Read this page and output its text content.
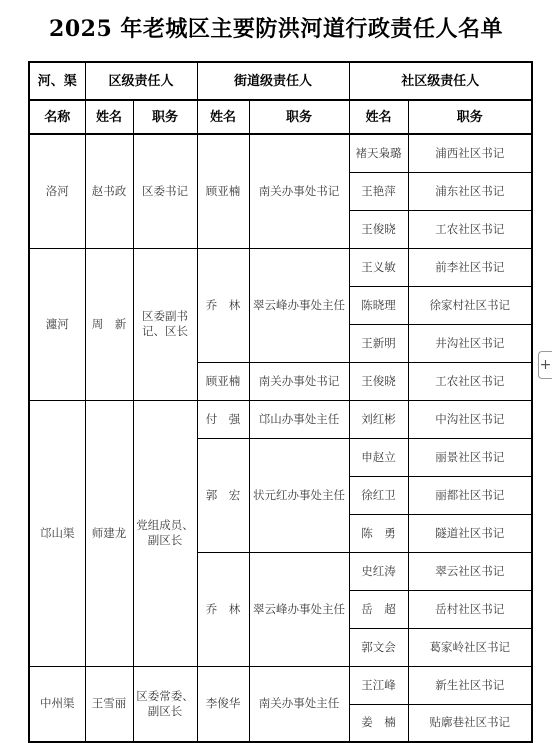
2025 年老城区主要防洪河道行政责任人名单
河、渠	区级责任人		街道级责任人		社区级责任人	
名称	姓名	职务	姓名	职务	姓名	职务
洛河	赵书政	区委书记	顾亚楠	南关办事处书记	褚天枭璐	浦西社区书记
					王艳萍	浦东社区书记
					王俊晓	工农社区书记
瀍河	周　新	区委副书记、区长	乔　林	翠云峰办事处主任	王义敏	前李社区书记
					陈晓理	徐家村社区书记
					王新明	井沟社区书记
			顾亚楠	南关办事处书记	王俊晓	工农社区书记
邙山渠	师建龙	党组成员、副区长	付　强	邙山办事处主任	刘红彬	中沟社区书记
			郭　宏	状元红办事处主任	申赵立	丽景社区书记
					徐红卫	丽都社区书记
					陈　勇	隧道社区书记
			乔　林	翠云峰办事处主任	史红涛	翠云社区书记
					岳　超	岳村社区书记
					郭文会	葛家岭社区书记
中州渠	王雪丽	区委常委、副区长	李俊华	南关办事处主任	王江峰	新生社区书记
					姜　楠	贴廓巷社区书记
+
